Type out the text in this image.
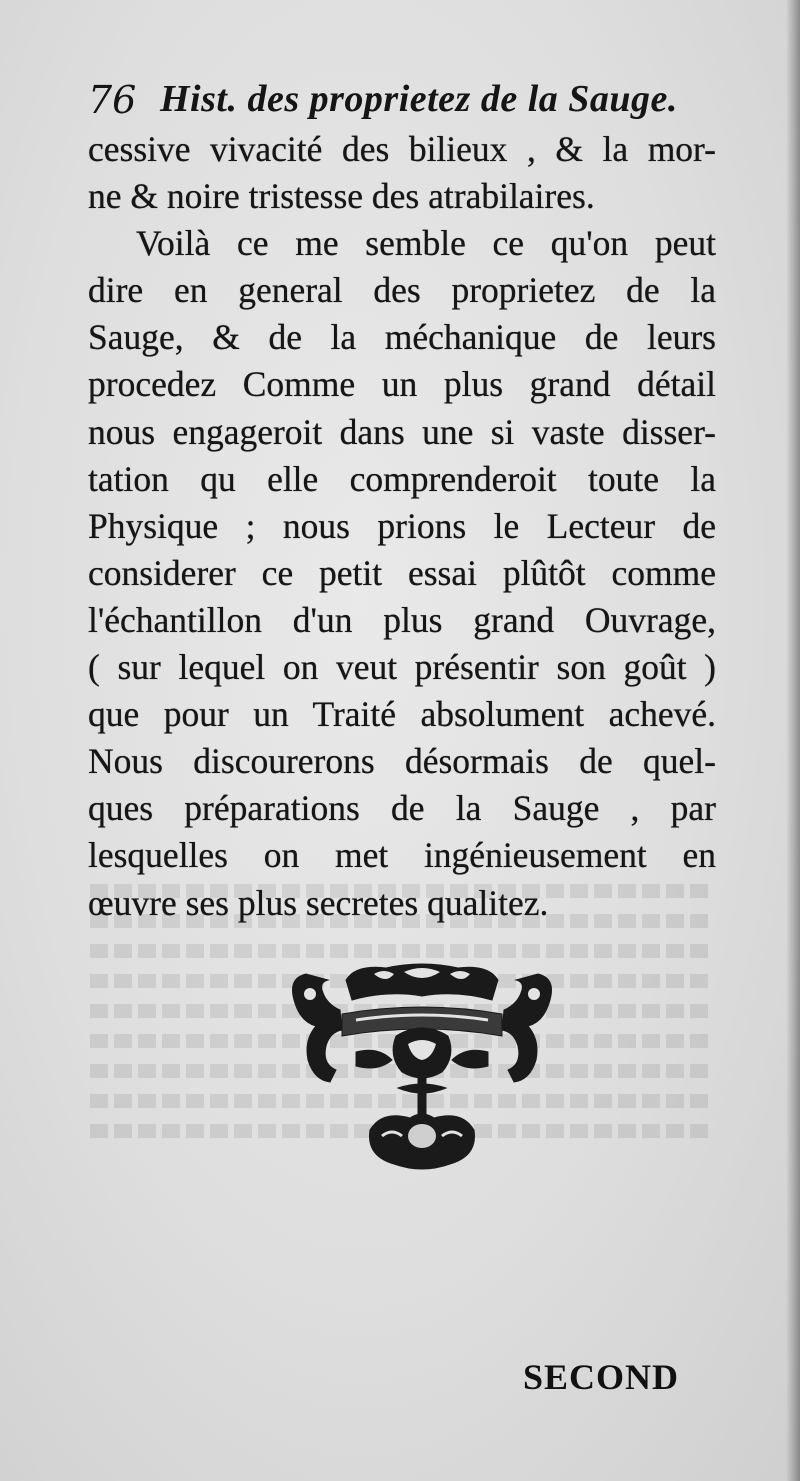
76 Hist. des proprietez de la Sauge.
cessive vivacité des bilieux , & la mor-
ne & noire tristesse des atrabilaires.
Voilà ce me semble ce qu'on peut
dire en general des proprietez de la
Sauge, & de la méchanique de leurs
procedez Comme un plus grand détail
nous engageroit dans une si vaste disser-
tation qu elle comprenderoit toute la
Physique ; nous prions le Lecteur de
considerer ce petit essai plûtôt comme
l'échantillon d'un plus grand Ouvrage,
( sur lequel on veut présentir son goût )
que pour un Traité absolument achevé.
Nous discourerons désormais de quel-
ques préparations de la Sauge , par
lesquelles on met ingénieusement en
œuvre ses plus secretes qualitez.
SECOND
